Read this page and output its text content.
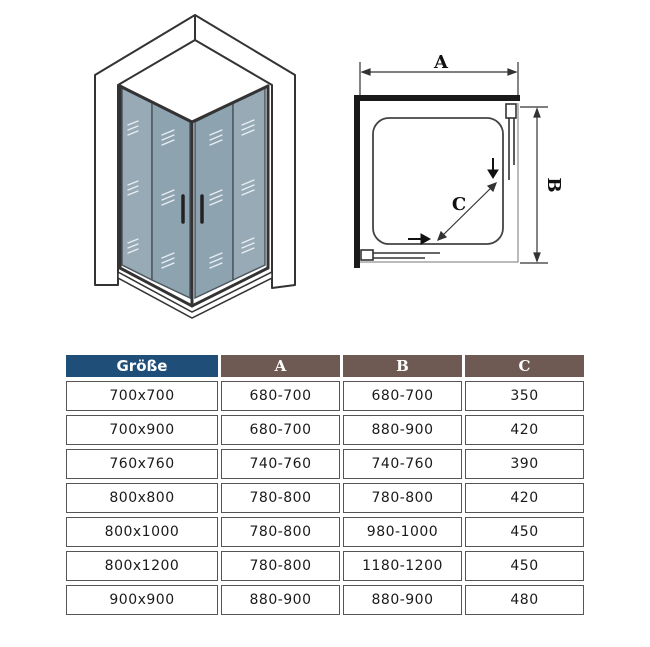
A
B
C
Größe	A	B	C
700x700	680-700	680-700	350
700x900	680-700	880-900	420
760x760	740-760	740-760	390
800x800	780-800	780-800	420
800x1000	780-800	980-1000	450
800x1200	780-800	1180-1200	450
900x900	880-900	880-900	480
